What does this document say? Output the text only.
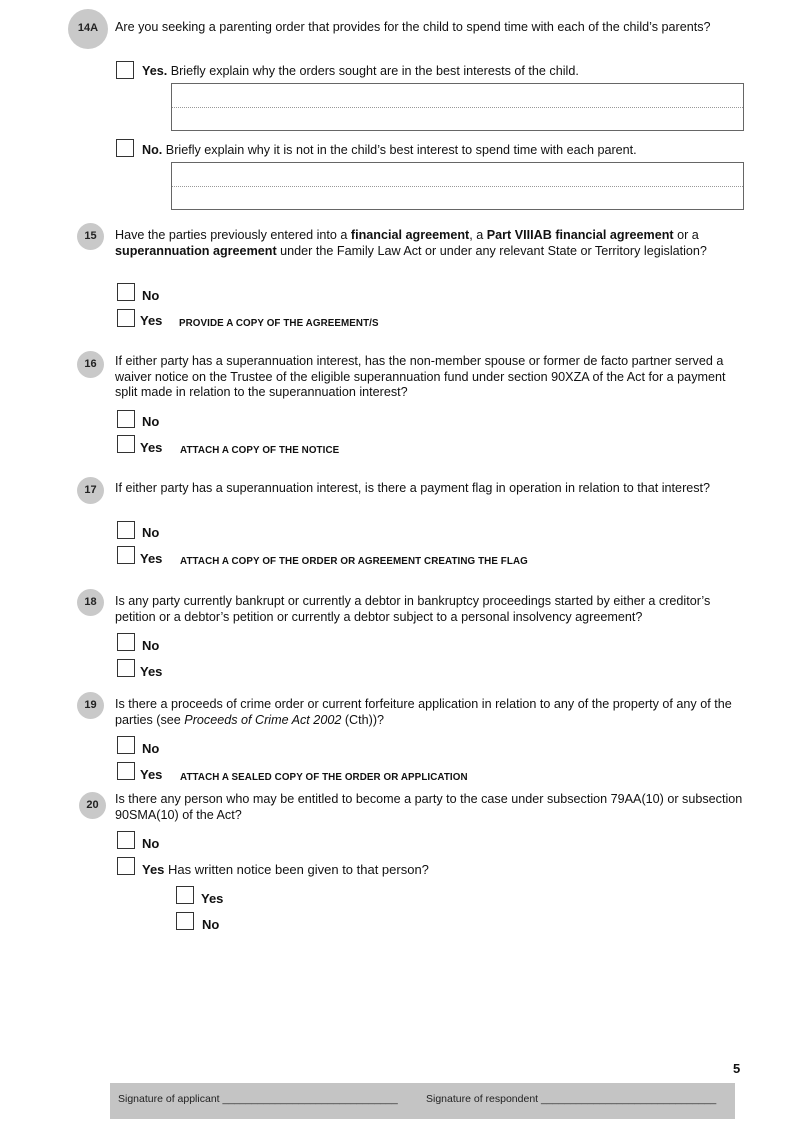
14A	Are you seeking a parenting order that provides for the child to spend time with each of the child’s parents?
Yes. Briefly explain why the orders sought are in the best interests of the child.
No. Briefly explain why it is not in the child’s best interest to spend time with each parent.
15	Have the parties previously entered into a financial agreement, a Part VIIIAB financial agreement or a superannuation agreement under the Family Law Act or under any relevant State or Territory legislation?
No
Yes PROVIDE A COPY OF THE AGREEMENT/S
16	If either party has a superannuation interest, has the non-member spouse or former de facto partner served a waiver notice on the Trustee of the eligible superannuation fund under section 90XZA of the Act for a payment split made in relation to the superannuation interest?
No
Yes ATTACH A COPY OF THE NOTICE
17	If either party has a superannuation interest, is there a payment flag in operation in relation to that interest?
No
Yes ATTACH A COPY OF THE ORDER OR AGREEMENT CREATING THE FLAG
18	Is any party currently bankrupt or currently a debtor in bankruptcy proceedings started by either a creditor’s petition or a debtor’s petition or currently a debtor subject to a personal insolvency agreement?
No
Yes
19	Is there a proceeds of crime order or current forfeiture application in relation to any of the property of any of the parties (see Proceeds of Crime Act 2002 (Cth))?
No
Yes ATTACH A SEALED COPY OF THE ORDER OR APPLICATION
20	Is there any person who may be entitled to become a party to the case under subsection 79AA(10) or subsection 90SMA(10) of the Act?
No
Yes Has written notice been given to that person?
Yes
No
5
Signature of applicant ______________________________	Signature of respondent ______________________________
